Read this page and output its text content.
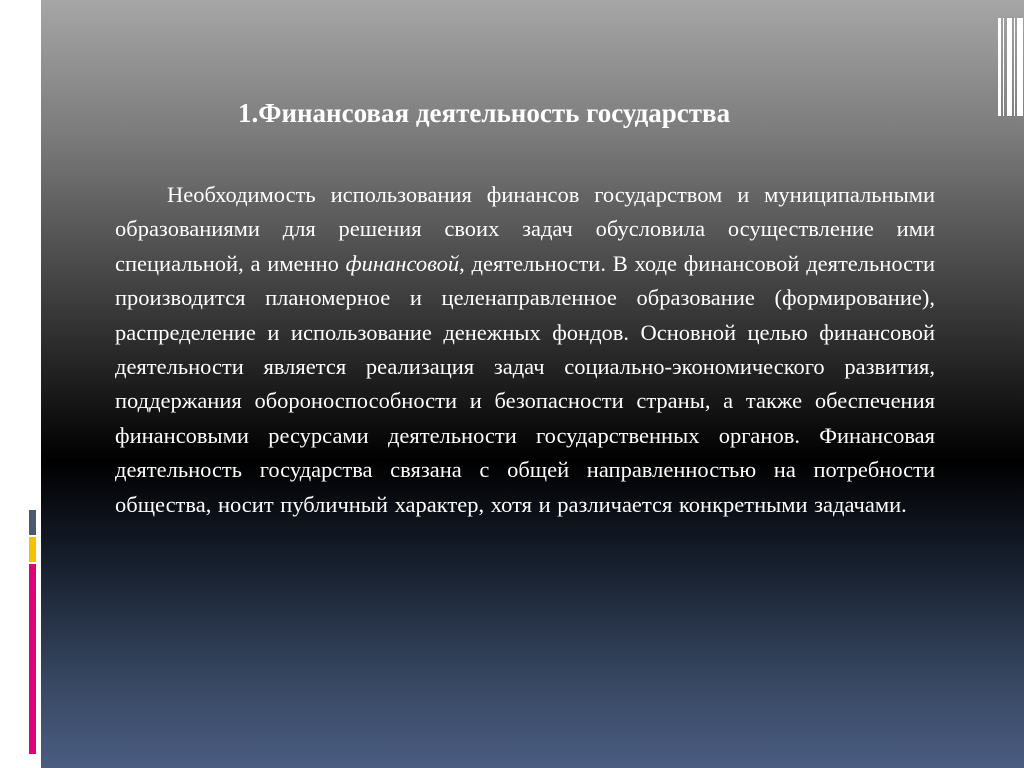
1.Финансовая деятельность государства

Необходимость использования финансов государством и муниципальными образованиями для решения своих задач обусловила осуществление ими специальной, а именно финансовой, деятельности. В ходе финансовой деятельности производится планомерное и целенаправленное образование (формирование), распределение и использование денежных фондов. Основной целью финансовой деятельности является реализация задач социально-экономического развития, поддержания обороноспособности и безопасности страны, а также обеспечения финансовыми ресурсами деятельности государственных органов. Финансовая деятельность государства связана с общей направленностью на потребности общества, носит публичный характер, хотя и различается конкретными задачами.
